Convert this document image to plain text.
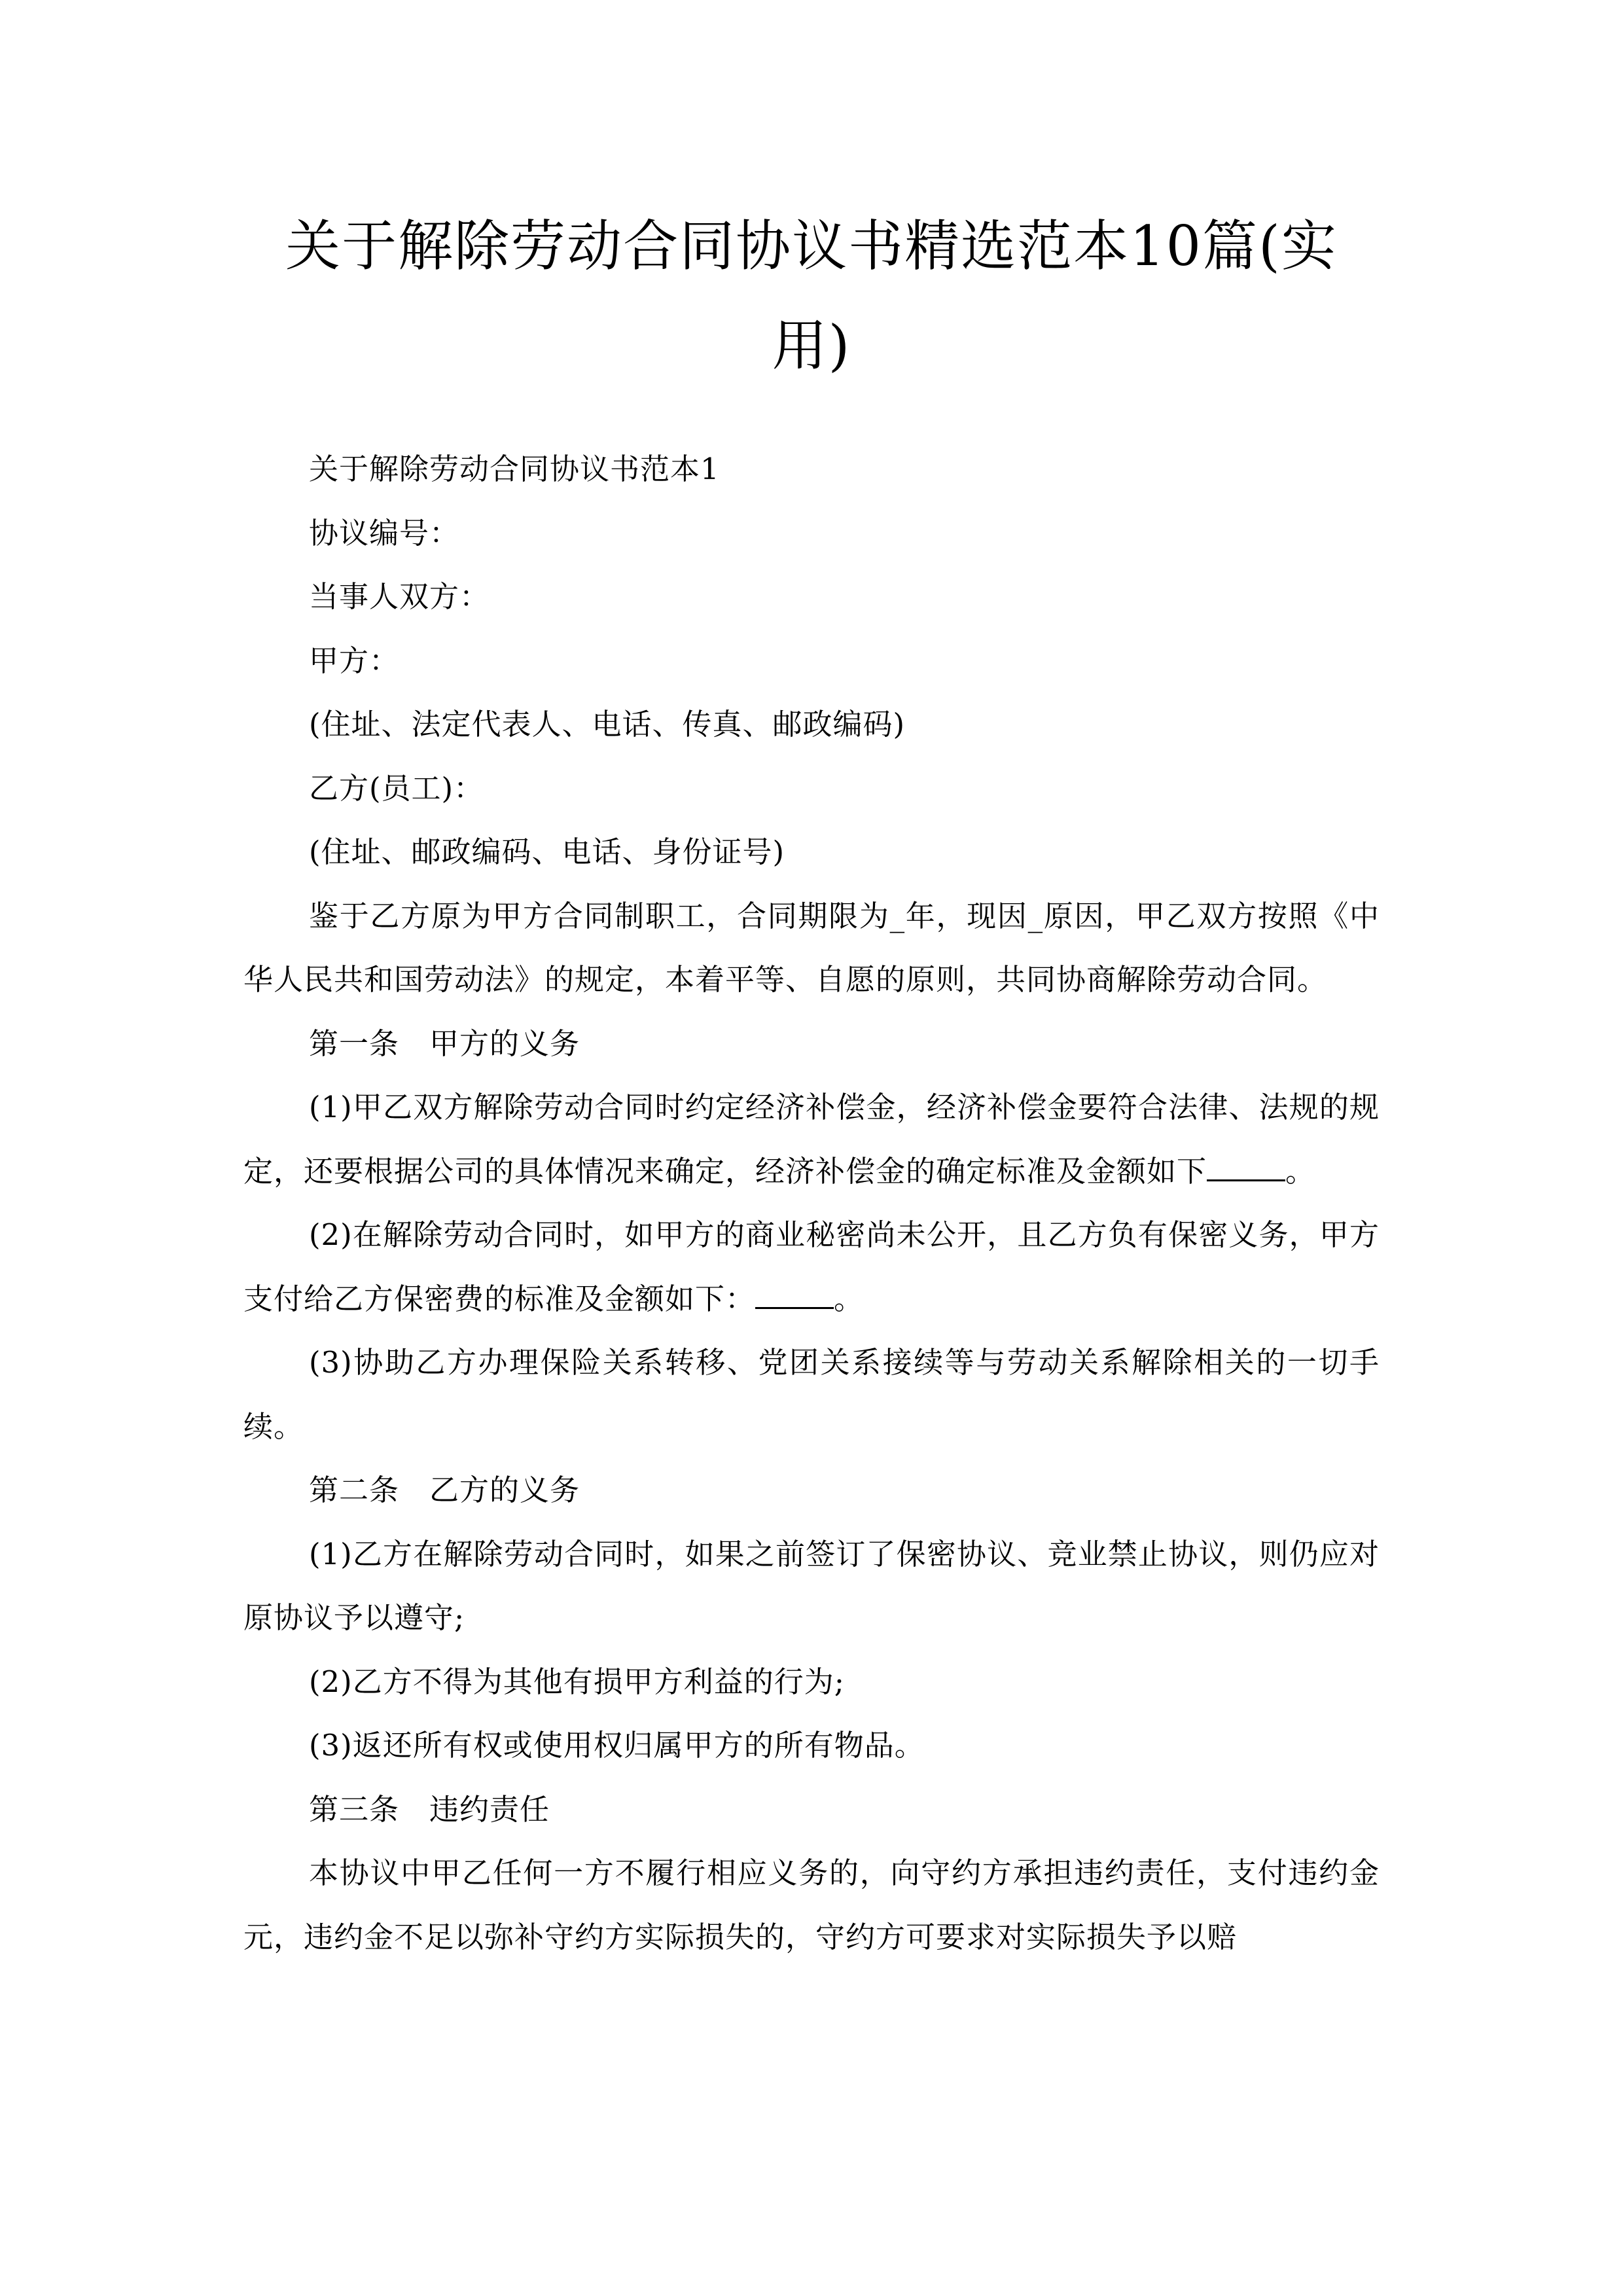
关于解除劳动合同协议书精选范本10篇(实
用)

关于解除劳动合同协议书范本1

协议编号：

当事人双方：

甲方：

(住址、法定代表人、电话、传真、邮政编码)

乙方(员工)：

(住址、邮政编码、电话、身份证号)

鉴于乙方原为甲方合同制职工，合同期限为_年，现因_原因，甲乙双方按照《中华人民共和国劳动法》的规定，本着平等、自愿的原则，共同协商解除劳动合同。

第一条　甲方的义务

(1)甲乙双方解除劳动合同时约定经济补偿金，经济补偿金要符合法律、法规的规定，还要根据公司的具体情况来确定，经济补偿金的确定标准及金额如下	。

(2)在解除劳动合同时，如甲方的商业秘密尚未公开，且乙方负有保密义务，甲方支付给乙方保密费的标准及金额如下：	。

(3)协助乙方办理保险关系转移、党团关系接续等与劳动关系解除相关的一切手续。

第二条　乙方的义务

(1)乙方在解除劳动合同时，如果之前签订了保密协议、竞业禁止协议，则仍应对原协议予以遵守;

(2)乙方不得为其他有损甲方利益的行为;

(3)返还所有权或使用权归属甲方的所有物品。

第三条　违约责任

本协议中甲乙任何一方不履行相应义务的，向守约方承担违约责任，支付违约金元，违约金不足以弥补守约方实际损失的，守约方可要求对实际损失予以赔
